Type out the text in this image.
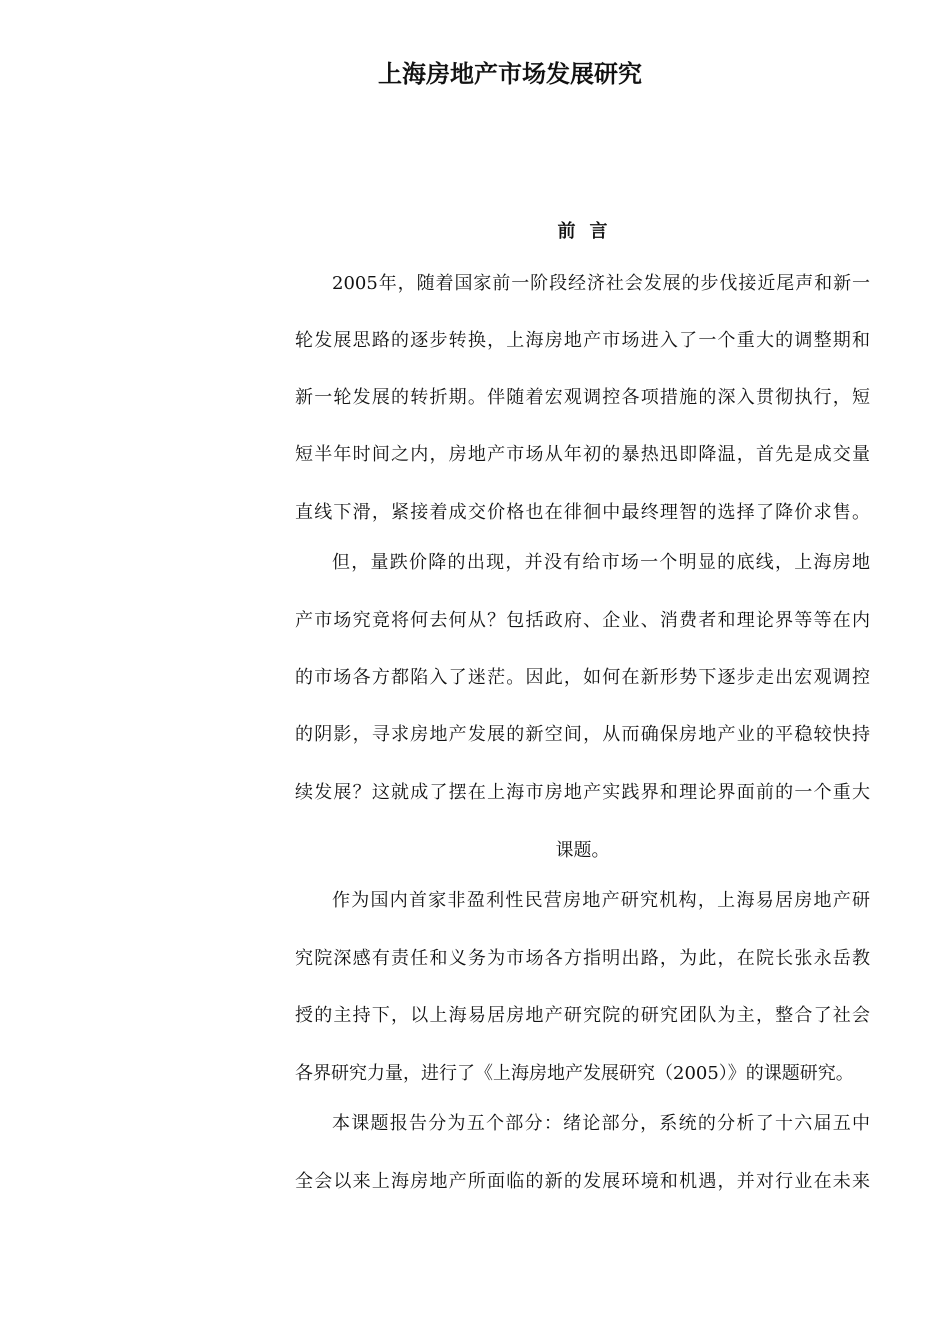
上海房地产市场发展研究
前言
2005年，随着国家前一阶段经济社会发展的步伐接近尾声和新一
轮发展思路的逐步转换，上海房地产市场进入了一个重大的调整期和
新一轮发展的转折期。伴随着宏观调控各项措施的深入贯彻执行，短
短半年时间之内，房地产市场从年初的暴热迅即降温，首先是成交量
直线下滑，紧接着成交价格也在徘徊中最终理智的选择了降价求售。
但，量跌价降的出现，并没有给市场一个明显的底线，上海房地
产市场究竟将何去何从？包括政府、企业、消费者和理论界等等在内
的市场各方都陷入了迷茫。因此，如何在新形势下逐步走出宏观调控
的阴影，寻求房地产发展的新空间，从而确保房地产业的平稳较快持
续发展？这就成了摆在上海市房地产实践界和理论界面前的一个重大
课题。
作为国内首家非盈利性民营房地产研究机构，上海易居房地产研
究院深感有责任和义务为市场各方指明出路，为此，在院长张永岳教
授的主持下，以上海易居房地产研究院的研究团队为主，整合了社会
各界研究力量，进行了《上海房地产发展研究（2005）》的课题研究。
本课题报告分为五个部分：绪论部分，系统的分析了十六届五中
全会以来上海房地产所面临的新的发展环境和机遇，并对行业在未来
